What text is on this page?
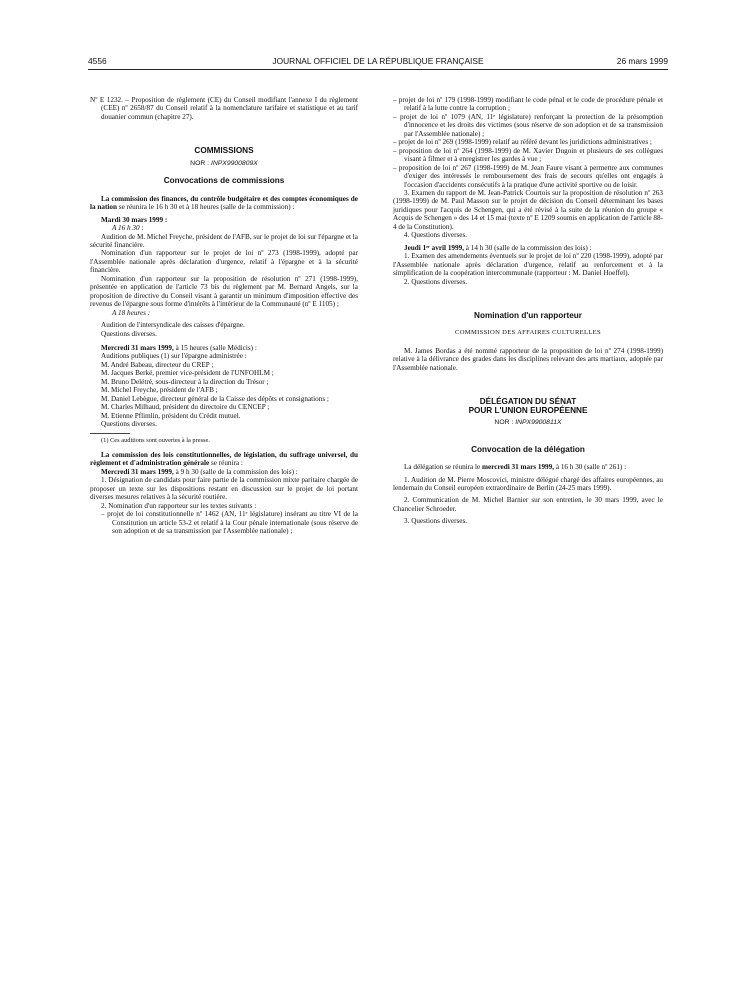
4556	JOURNAL OFFICIEL DE LA RÉPUBLIQUE FRANÇAISE	26 mars 1999

Nº E 1232. – Proposition de règlement (CE) du Conseil modifiant l'annexe I du règlement (CEE) nº 2658/87 du Conseil relatif à la nomenclature tarifaire et statistique et au tarif douanier commun (chapitre 27).

COMMISSIONS

NOR : INPX9900809X

Convocations de commissions

La commission des finances, du contrôle budgétaire et des comptes économiques de la nation se réunira le 16 h 30 et à 18 heures (salle de la commission) :

Mardi 30 mars 1999 :

A 16 h 30 :

Audition de M. Michel Freyche, président de l'AFB, sur le projet de loi sur l'épargne et la sécurité financière.

Nomination d'un rapporteur sur le projet de loi nº 273 (1998-1999), adopté par l'Assemblée nationale après déclaration d'urgence, relatif à l'épargne et à la sécurité financière.

Nomination d'un rapporteur sur la proposition de résolution nº 271 (1998-1999), présentée en application de l'article 73 bis du règlement par M. Bernard Angels, sur la proposition de directive du Conseil visant à garantir un minimum d'imposition effective des revenus de l'épargne sous forme d'intérêts à l'intérieur de la Communauté (nº E 1105) ;

A 18 heures :

Audition de l'intersyndicale des caisses d'épargne.

Questions diverses.

Mercredi 31 mars 1999, à 15 heures (salle Médicis) :

Auditions publiques (1) sur l'épargne administrée :

M. André Babeau, directeur du CREP ;

M. Jacques Berké, premier vice-président de l'UNFOHLM ;

M. Bruno Delétré, sous-directeur à la direction du Trésor ;

M. Michel Freyche, président de l'AFB ;

M. Daniel Lebègue, directeur général de la Caisse des dépôts et consignations ;

M. Charles Milhaud, président du directoire du CENCEP ;

M. Etienne Pflimlin, président du Crédit mutuel.

Questions diverses.

(1) Ces auditions sont ouvertes à la presse.

La commission des lois constitutionnelles, de législation, du suffrage universel, du règlement et d'administration générale se réunira :

Mercredi 31 mars 1999, à 9 h 30 (salle de la commission des lois) :

1. Désignation de candidats pour faire partie de la commission mixte paritaire chargée de proposer un texte sur les dispositions restant en discussion sur le projet de loi portant diverses mesures relatives à la sécurité routière.

2. Nomination d'un rapporteur sur les textes suivants :

– projet de loi constitutionnelle nº 1462 (AN, 11ᵉ législature) insérant au titre VI de la Constitution un article 53-2 et relatif à la Cour pénale internationale (sous réserve de son adoption et de sa transmission par l'Assemblée nationale) ;

– projet de loi nº 179 (1998-1999) modifiant le code pénal et le code de procédure pénale et relatif à la lutte contre la corruption ;

– projet de loi nº 1079 (AN, 11ᵉ législature) renforçant la protection de la présomption d'innocence et les droits des victimes (sous réserve de son adoption et de sa transmission par l'Assemblée nationale) ;

– projet de loi nº 269 (1998-1999) relatif au référé devant les juridictions administratives ;

– proposition de loi nº 264 (1998-1999) de M. Xavier Dugoin et plusieurs de ses collègues visant à filmer et à enregistrer les gardes à vue ;

– proposition de loi nº 267 (1998-1999) de M. Jean Faure visant à permettre aux communes d'exiger des intéressés le remboursement des frais de secours qu'elles ont engagés à l'occasion d'accidents consécutifs à la pratique d'une activité sportive ou de loisir.

3. Examen du rapport de M. Jean-Patrick Courtois sur la proposition de résolution nº 263 (1998-1999) de M. Paul Masson sur le projet de décision du Conseil déterminant les bases juridiques pour l'acquis de Schengen, qui a été révisé à la suite de la réunion du groupe « Acquis de Schengen » des 14 et 15 mai (texte nº E 1209 soumis en application de l'article 88-4 de la Constitution).

4. Questions diverses.

Jeudi 1ᵉʳ avril 1999, à 14 h 30 (salle de la commission des lois) :

1. Examen des amendements éventuels sur le projet de loi nº 220 (1998-1999), adopté par l'Assemblée nationale après déclaration d'urgence, relatif au renforcement et à la simplification de la coopération intercommunale (rapporteur : M. Daniel Hoeffel).

2. Questions diverses.

Nomination d'un rapporteur

COMMISSION DES AFFAIRES CULTURELLES

M. James Bordas a été nommé rapporteur de la proposition de loi nº 274 (1998-1999) relative à la délivrance des grades dans les disciplines relevant des arts martiaux, adoptée par l'Assemblée nationale.

DÉLÉGATION DU SÉNAT

POUR L'UNION EUROPÉENNE

NOR : INPX9900811X

Convocation de la délégation

La délégation se réunira le mercredi 31 mars 1999, à 16 h 30 (salle nº 261) :

1. Audition de M. Pierre Moscovici, ministre délégué chargé des affaires européennes, au lendemain du Conseil européen extraordinaire de Berlin (24-25 mars 1999).

2. Communication de M. Michel Barnier sur son entretien, le 30 mars 1999, avec le Chancelier Schroeder.

3. Questions diverses.
